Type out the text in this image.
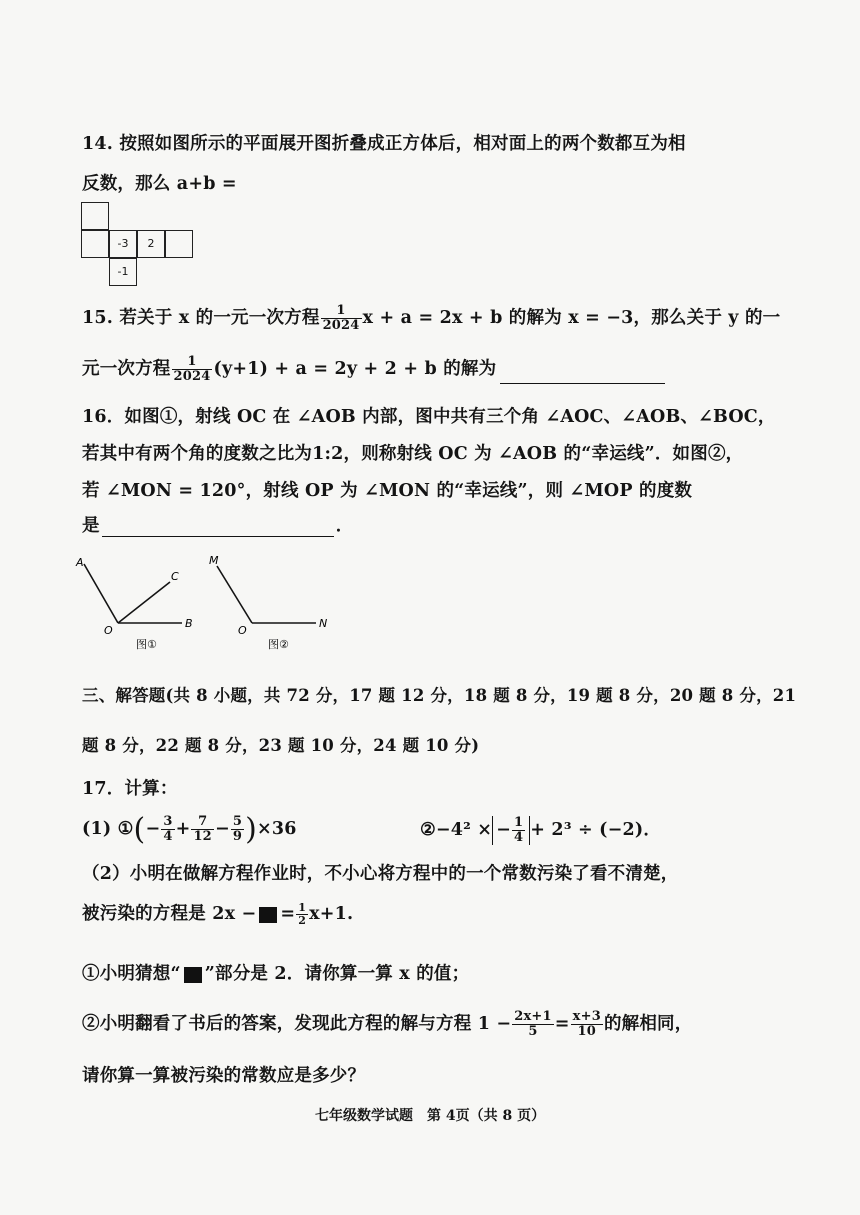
14. 按照如图所示的平面展开图折叠成正方体后，相对面上的两个数都互为相
反数，那么 a+b =
-3	2
-1
15. 若关于 x 的一元一次方程 $\frac{1}{2024}$ x + a = 2x + b 的解为 x = −3，那么关于 y 的一
元一次方程 $\frac{1}{2024} (y+1) + a = 2y + 2 + b$ 的解为
16．如图①，射线 OC 在 ∠AOB 内部，图中共有三个角 ∠AOC、∠AOB、∠BOC，
若其中有两个角的度数之比为1:2，则称射线 OC 为 ∠AOB 的“幸运线”．如图②，
若 ∠MON = 120°，射线 OP 为 ∠MON 的“幸运线”，则 ∠MOP 的度数
是	．
A
C
O
B
图①
M
O
N
图②
三、解答题(共 8 小题，共 72 分，17 题 12 分，18 题 8 分，19 题 8 分，20 题 8 分，21
题 8 分，22 题 8 分，23 题 10 分，24 题 10 分)
17．计算：
(1) ①(− $\frac{3}{4} + \frac{7}{12} - \frac{5}{9} )\times 36$	②−4² × − $\frac{1}{4} + 2^3 \div (-2)$．
（2）小明在做解方程作业时，不小心将方程中的一个常数污染了看不清楚，
被污染的方程是 2x − = $\frac{1}{2} x+1$.
①小明猜想“ ”部分是 2．请你算一算 x 的值；
②小明翻看了书后的答案，发现此方程的解与方程 $1 - \frac{2x+1}{5} = \frac{x+3}{10}$ 的解相同，
请你算一算被污染的常数应是多少？
七年级数学试题　第 4页（共 8 页）
